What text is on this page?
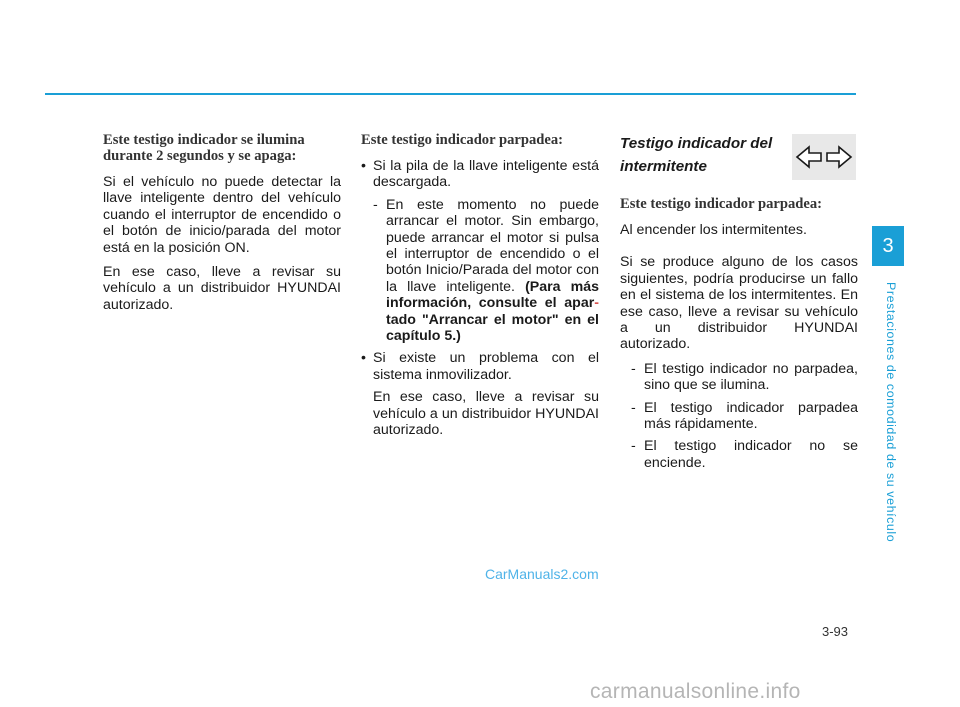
Este testigo indicador se ilumina durante 2 segundos y se apaga:

Si el vehículo no puede detectar la llave inteligente dentro del vehículo cuando el interruptor de encendido o el botón de inicio/parada del motor está en la posición ON.

En ese caso, lleve a revisar su vehículo a un distribuidor HYUNDAI autorizado.

Este testigo indicador parpadea:
• Si la pila de la llave inteligente está descargada.
- En este momento no puede arrancar el motor. Sin embargo, puede arrancar el motor si pulsa el interruptor de encendido o el botón Inicio/Parada del motor con la llave inteligente. (Para más información, consulte el apar- tado "Arrancar el motor" en el capítulo 5.)
• Si existe un problema con el sistema inmovilizador.

En ese caso, lleve a revisar su vehículo a un distribuidor HYUNDAI autorizado.

Testigo indicador del
intermitente
Este testigo indicador parpadea:

Al encender los intermitentes.

Si se produce alguno de los casos siguientes, podría producirse un fallo en el sistema de los intermitentes. En ese caso, lleve a revisar su vehículo a un distribuidor HYUNDAI autorizado.

- El testigo indicador no parpadea, sino que se ilumina.
- El testigo indicador parpadea más rápidamente.
- El testigo indicador no se enciende.
3
Prestaciones de comodidad de su vehículo
3-93
CarManuals2.com
carmanualsonline.info
